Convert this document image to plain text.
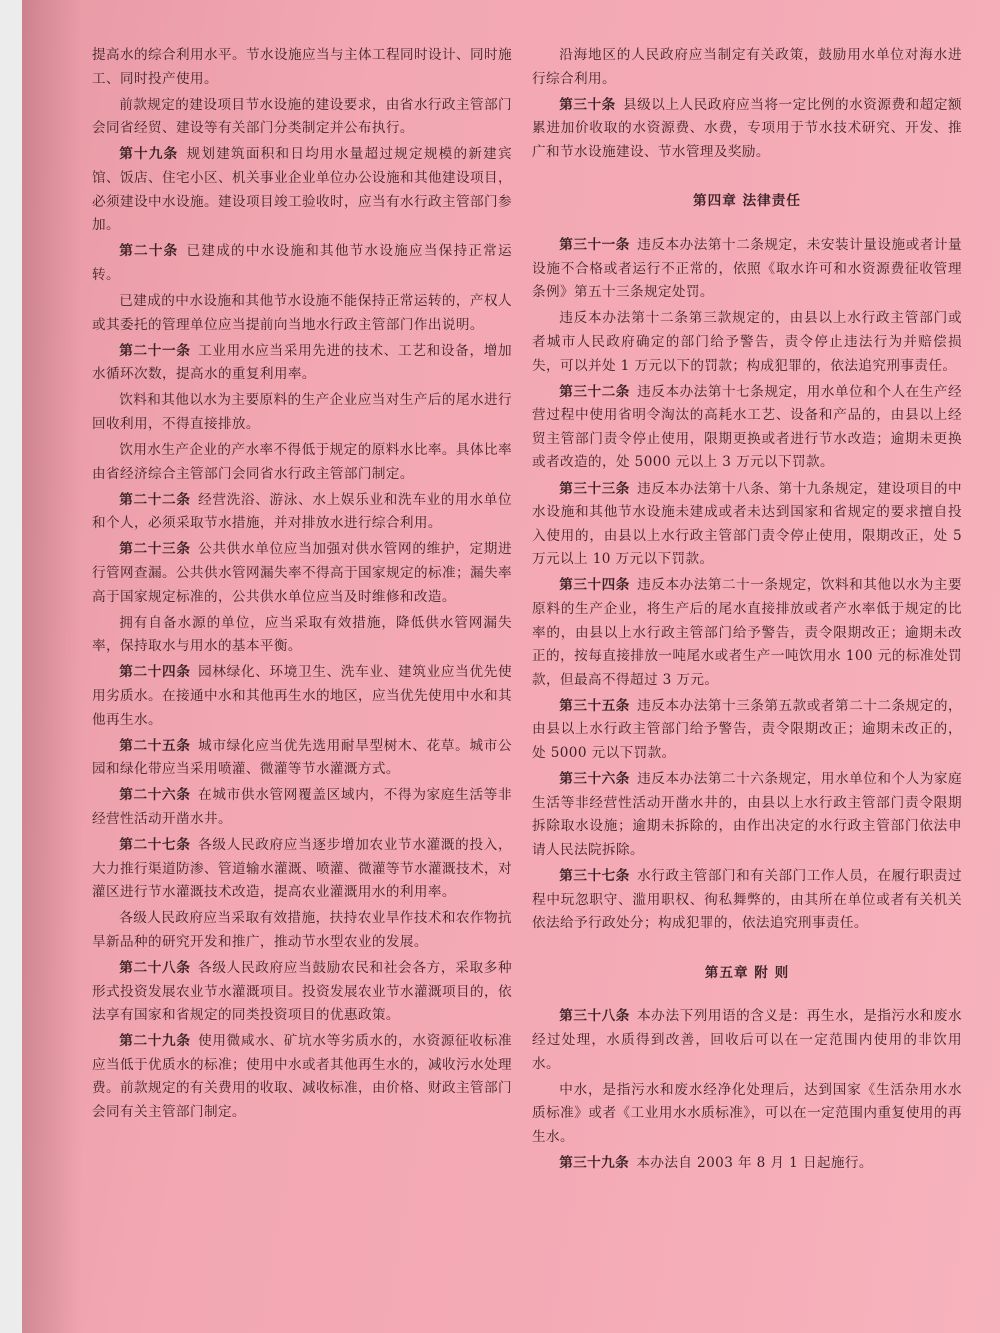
提高水的综合利用水平。节水设施应当与主体工程同时设计、同时施工、同时投产使用。

前款规定的建设项目节水设施的建设要求，由省水行政主管部门会同省经贸、建设等有关部门分类制定并公布执行。

第十九条  规划建筑面积和日均用水量超过规定规模的新建宾馆、饭店、住宅小区、机关事业企业单位办公设施和其他建设项目，必须建设中水设施。建设项目竣工验收时，应当有水行政主管部门参加。

第二十条  已建成的中水设施和其他节水设施应当保持正常运转。

已建成的中水设施和其他节水设施不能保持正常运转的，产权人或其委托的管理单位应当提前向当地水行政主管部门作出说明。

第二十一条  工业用水应当采用先进的技术、工艺和设备，增加水循环次数，提高水的重复利用率。

饮料和其他以水为主要原料的生产企业应当对生产后的尾水进行回收利用，不得直接排放。

饮用水生产企业的产水率不得低于规定的原料水比率。具体比率由省经济综合主管部门会同省水行政主管部门制定。

第二十二条  经营洗浴、游泳、水上娱乐业和洗车业的用水单位和个人，必须采取节水措施，并对排放水进行综合利用。

第二十三条  公共供水单位应当加强对供水管网的维护，定期进行管网查漏。公共供水管网漏失率不得高于国家规定的标准；漏失率高于国家规定标准的，公共供水单位应当及时维修和改造。

拥有自备水源的单位，应当采取有效措施，降低供水管网漏失率，保持取水与用水的基本平衡。

第二十四条  园林绿化、环境卫生、洗车业、建筑业应当优先使用劣质水。在接通中水和其他再生水的地区，应当优先使用中水和其他再生水。

第二十五条  城市绿化应当优先选用耐旱型树木、花草。城市公园和绿化带应当采用喷灌、微灌等节水灌溉方式。

第二十六条  在城市供水管网覆盖区域内，不得为家庭生活等非经营性活动开凿水井。

第二十七条  各级人民政府应当逐步增加农业节水灌溉的投入，大力推行渠道防渗、管道输水灌溉、喷灌、微灌等节水灌溉技术，对灌区进行节水灌溉技术改造，提高农业灌溉用水的利用率。

各级人民政府应当采取有效措施，扶持农业旱作技术和农作物抗旱新品种的研究开发和推广，推动节水型农业的发展。

第二十八条  各级人民政府应当鼓励农民和社会各方，采取多种形式投资发展农业节水灌溉项目。投资发展农业节水灌溉项目的，依法享有国家和省规定的同类投资项目的优惠政策。

第二十九条  使用微咸水、矿坑水等劣质水的，水资源征收标准应当低于优质水的标准；使用中水或者其他再生水的，减收污水处理费。前款规定的有关费用的收取、减收标准，由价格、财政主管部门会同有关主管部门制定。

沿海地区的人民政府应当制定有关政策，鼓励用水单位对海水进行综合利用。

第三十条  县级以上人民政府应当将一定比例的水资源费和超定额累进加价收取的水资源费、水费，专项用于节水技术研究、开发、推广和节水设施建设、节水管理及奖励。

第四章 法律责任

第三十一条  违反本办法第十二条规定，未安装计量设施或者计量设施不合格或者运行不正常的，依照《取水许可和水资源费征收管理条例》第五十三条规定处罚。

违反本办法第十二条第三款规定的，由县以上水行政主管部门或者城市人民政府确定的部门给予警告，责令停止违法行为并赔偿损失，可以并处 1 万元以下的罚款；构成犯罪的，依法追究刑事责任。

第三十二条  违反本办法第十七条规定，用水单位和个人在生产经营过程中使用省明令淘汰的高耗水工艺、设备和产品的，由县以上经贸主管部门责令停止使用，限期更换或者进行节水改造；逾期未更换或者改造的，处 5000 元以上 3 万元以下罚款。

第三十三条  违反本办法第十八条、第十九条规定，建设项目的中水设施和其他节水设施未建成或者未达到国家和省规定的要求擅自投入使用的，由县以上水行政主管部门责令停止使用，限期改正，处 5 万元以上 10 万元以下罚款。

第三十四条  违反本办法第二十一条规定，饮料和其他以水为主要原料的生产企业，将生产后的尾水直接排放或者产水率低于规定的比率的，由县以上水行政主管部门给予警告，责令限期改正；逾期未改正的，按每直接排放一吨尾水或者生产一吨饮用水 100 元的标准处罚款，但最高不得超过 3 万元。

第三十五条  违反本办法第十三条第五款或者第二十二条规定的，由县以上水行政主管部门给予警告，责令限期改正；逾期未改正的，处 5000 元以下罚款。

第三十六条  违反本办法第二十六条规定，用水单位和个人为家庭生活等非经营性活动开凿水井的，由县以上水行政主管部门责令限期拆除取水设施；逾期未拆除的，由作出决定的水行政主管部门依法申请人民法院拆除。

第三十七条  水行政主管部门和有关部门工作人员，在履行职责过程中玩忽职守、滥用职权、徇私舞弊的，由其所在单位或者有关机关依法给予行政处分；构成犯罪的，依法追究刑事责任。

第五章 附 则

第三十八条  本办法下列用语的含义是：再生水，是指污水和废水经过处理，水质得到改善，回收后可以在一定范围内使用的非饮用水。

中水，是指污水和废水经净化处理后，达到国家《生活杂用水水质标准》或者《工业用水水质标准》，可以在一定范围内重复使用的再生水。

第三十九条  本办法自 2003 年 8 月 1 日起施行。
